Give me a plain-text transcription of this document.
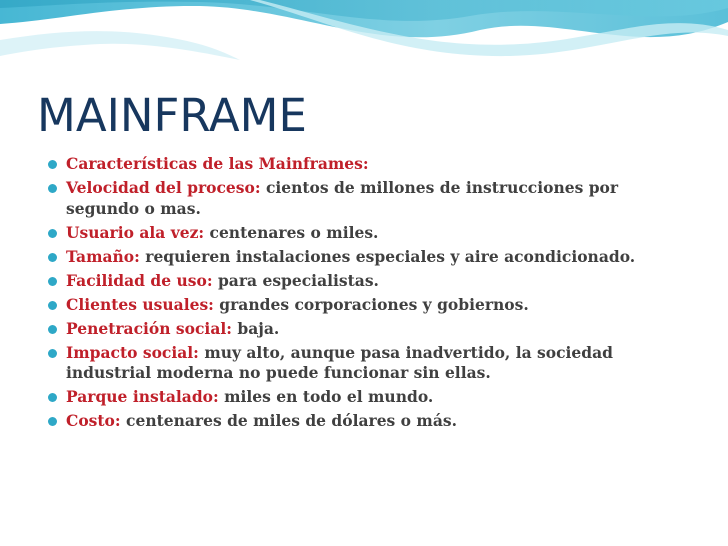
MAINFRAME
Características de las Mainframes:
Velocidad del proceso: cientos de millones de instrucciones por segundo o mas.
Usuario ala vez: centenares o miles.
Tamaño: requieren instalaciones especiales y aire acondicionado.
Facilidad de uso: para especialistas.
Clientes usuales: grandes corporaciones y gobiernos.
Penetración social: baja.
Impacto social: muy alto, aunque pasa inadvertido, la sociedad industrial moderna no puede funcionar sin ellas.
Parque instalado: miles en todo el mundo.
Costo: centenares de miles de dólares o más.
